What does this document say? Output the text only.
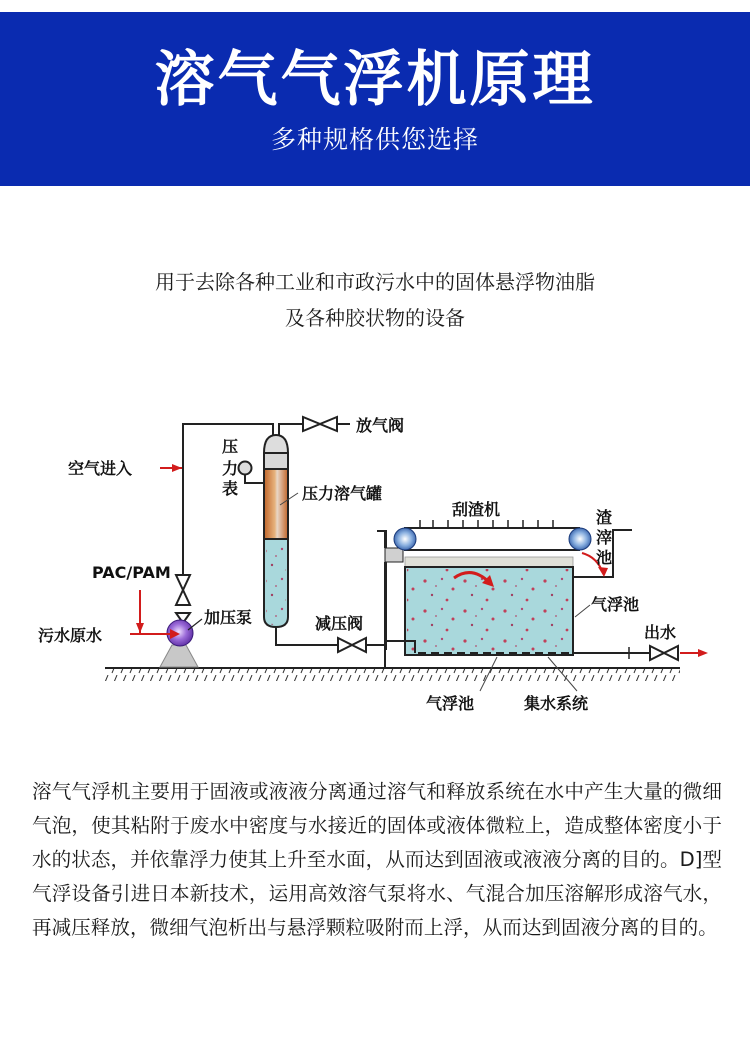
溶气气浮机原理
多种规格供您选择
用于去除各种工业和市政污水中的固体悬浮物油脂
及各种胶状物的设备
放气阀
空气进入
压
力
表	压力溶气罐
减压阀
加压泵
污水原水
PAC/PAM
刮渣机	渣
滓
池
气浮池
出水
气浮池	集水系统
溶气气浮机主要用于固液或液液分离通过溶气和释放系统在水中产生大量的微细气泡，使其粘附于废水中密度与水接近的固体或液体微粒上，造成整体密度小于水的状态，并依靠浮力使其上升至水面，从而达到固液或液液分离的目的。D]型气浮设备引进日本新技术，运用高效溶气泵将水、气混合加压溶解形成溶气水，再减压释放，微细气泡析出与悬浮颗粒吸附而上浮，从而达到固液分离的目的。
